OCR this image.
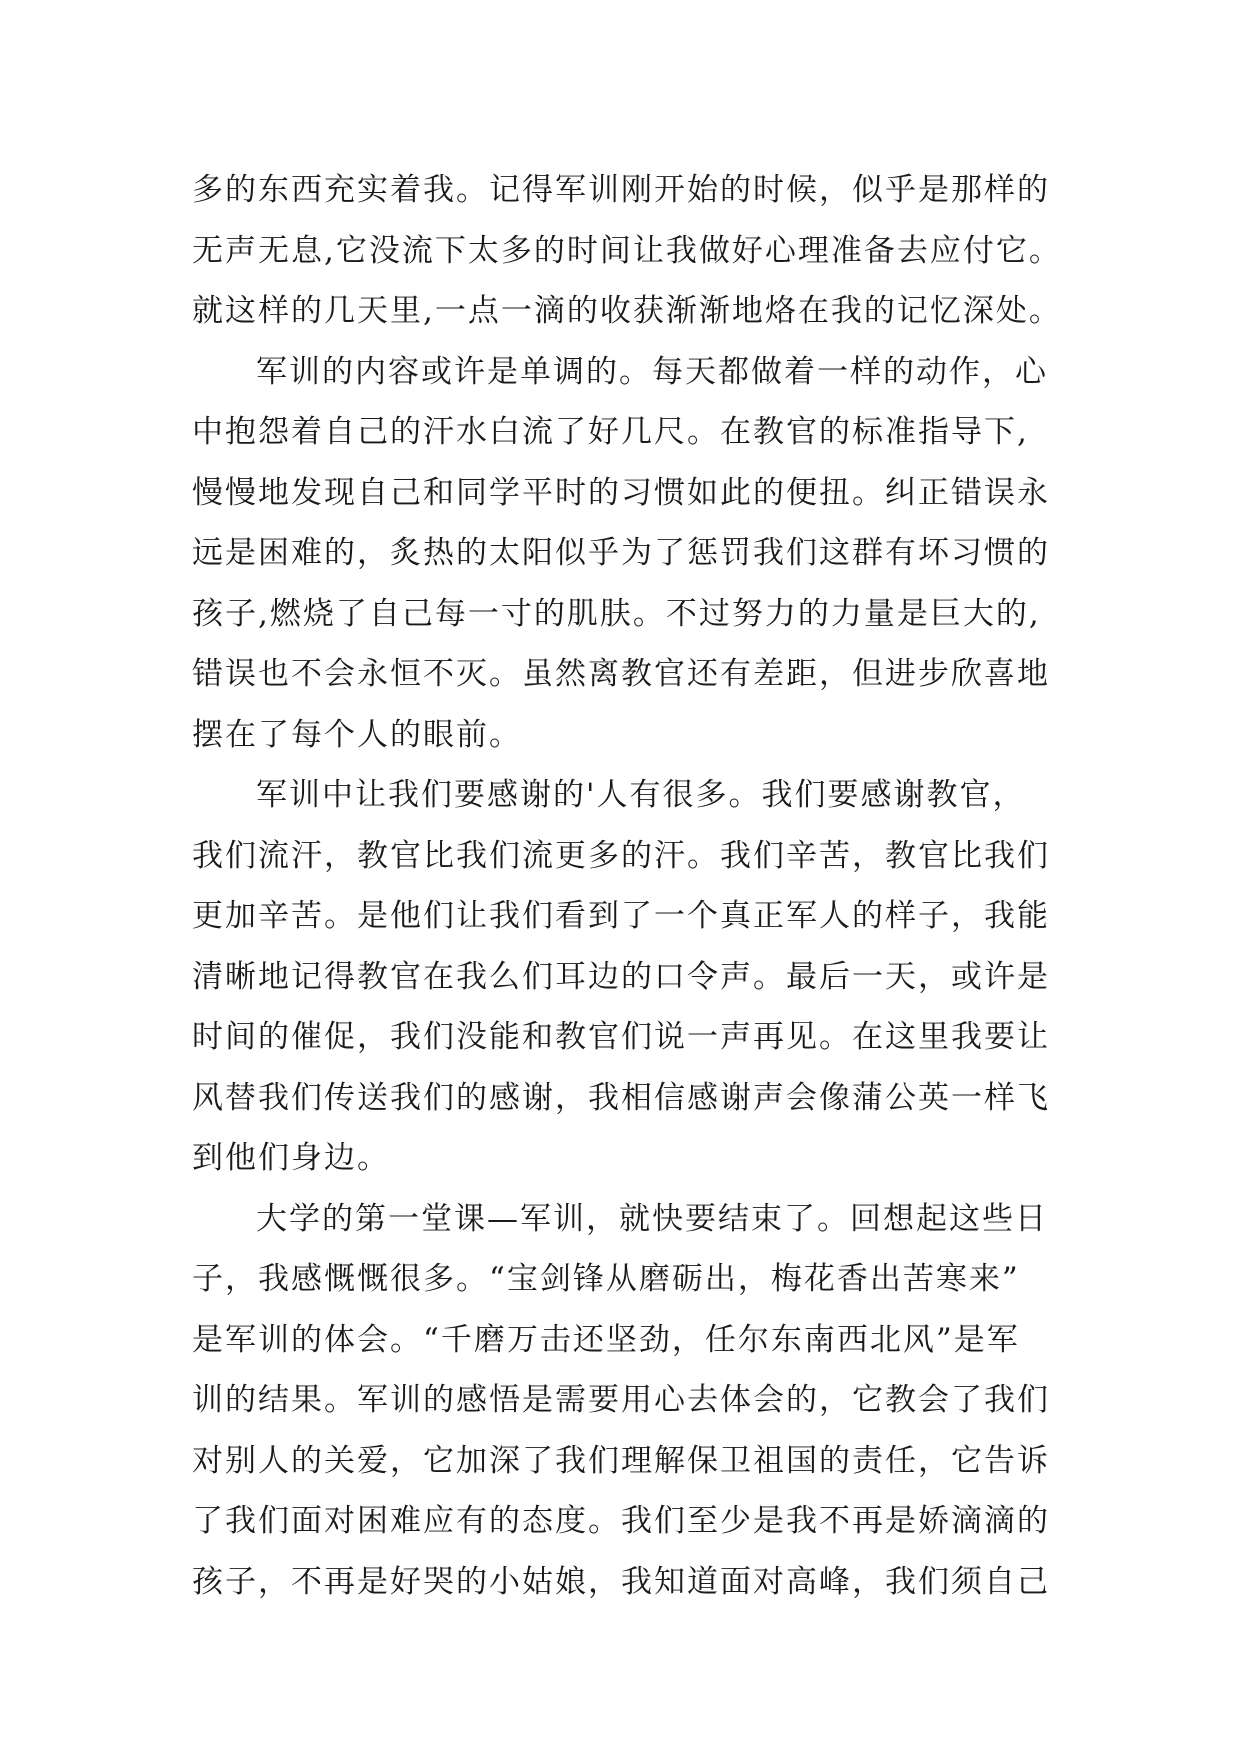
多的东西充实着我。记得军训刚开始的时候，似乎是那样的
无声无息,它没流下太多的时间让我做好心理准备去应付它。
就这样的几天里,一点一滴的收获渐渐地烙在我的记忆深处。
军训的内容或许是单调的。每天都做着一样的动作，心
中抱怨着自己的汗水白流了好几尺。在教官的标准指导下,
慢慢地发现自己和同学平时的习惯如此的便扭。纠正错误永
远是困难的，炙热的太阳似乎为了惩罚我们这群有坏习惯的
孩子,燃烧了自己每一寸的肌肤。不过努力的力量是巨大的,
错误也不会永恒不灭。虽然离教官还有差距，但进步欣喜地
摆在了每个人的眼前。
军训中让我们要感谢的'人有很多。我们要感谢教官，
我们流汗，教官比我们流更多的汗。我们辛苦，教官比我们
更加辛苦。是他们让我们看到了一个真正军人的样子，我能
清晰地记得教官在我么们耳边的口令声。最后一天，或许是
时间的催促，我们没能和教官们说一声再见。在这里我要让
风替我们传送我们的感谢，我相信感谢声会像蒲公英一样飞
到他们身边。
大学的第一堂课—军训，就快要结束了。回想起这些日
子，我感慨慨很多。“宝剑锋从磨砺出，梅花香出苦寒来”
是军训的体会。“千磨万击还坚劲，任尔东南西北风”是军
训的结果。军训的感悟是需要用心去体会的，它教会了我们
对别人的关爱，它加深了我们理解保卫祖国的责任，它告诉
了我们面对困难应有的态度。我们至少是我不再是娇滴滴的
孩子，不再是好哭的小姑娘，我知道面对高峰，我们须自己
